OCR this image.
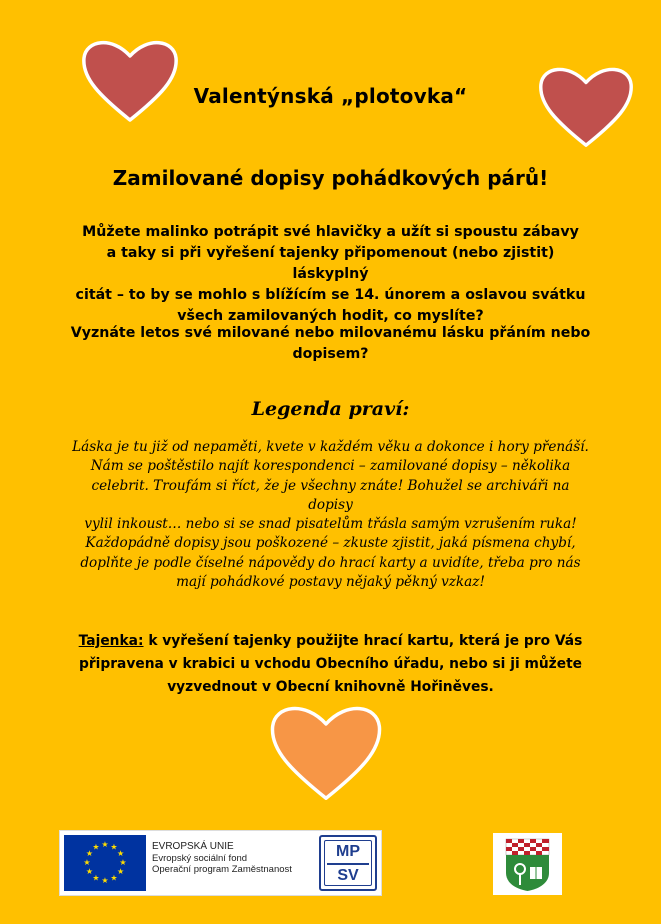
Valentýnská „plotovka“
Zamilované dopisy pohádkových párů!
Můžete malinko potrápit své hlavičky a užít si spoustu zábavy
a taky si při vyřešení tajenky připomenout (nebo zjistit) láskyplný
citát – to by se mohlo s blížícím se 14. únorem a oslavou svátku
všech zamilovaných hodit, co myslíte?
Vyznáte letos své milované nebo milovanému lásku přáním nebo
dopisem?
Legenda praví:
Láska je tu již od nepaměti, kvete v každém věku a dokonce i hory přenáší.
Nám se poštěstilo najít korespondenci – zamilované dopisy – několika
celebrit. Troufám si říct, že je všechny znáte! Bohužel se archiváři na dopisy
vylil inkoust… nebo si se snad pisatelům třásla samým vzrušením ruka!
Každopádně dopisy jsou poškozené – zkuste zjistit, jaká písmena chybí,
doplňte je podle číselné nápovědy do hrací karty a uvidíte, třeba pro nás
mají pohádkové postavy nějaký pěkný vzkaz!
Tajenka: k vyřešení tajenky použijte hrací kartu, která je pro Vás
připravena v krabici u vchodu Obecního úřadu, nebo si ji můžete
vyzvednout v Obecní knihovně Hořiněves.
★ ★
★
★
★
★
★
★
★
★
★
★	EVROPSKÁ UNIE
Evropský sociální fond
Operační program Zaměstnanost
MP
SV
